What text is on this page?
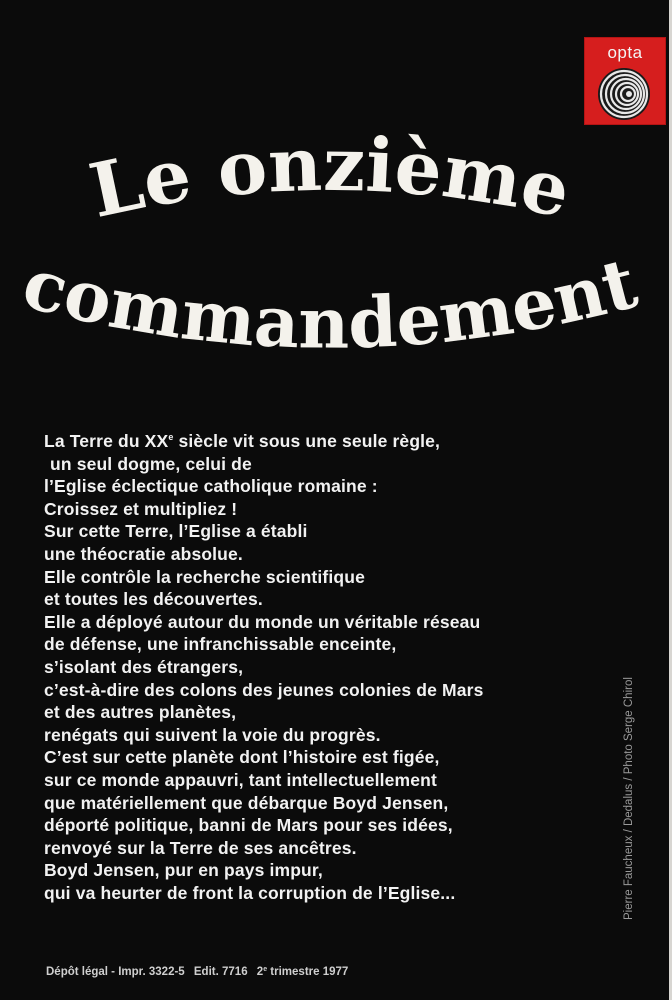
opta
Le onzième
commandement
La Terre du XXe siècle vit sous une seule règle,
un seul dogme, celui de
l’Eglise éclectique catholique romaine :
Croissez et multipliez !
Sur cette Terre, l’Eglise a établi
une théocratie absolue.
Elle contrôle la recherche scientifique
et toutes les découvertes.
Elle a déployé autour du monde un véritable réseau
de défense, une infranchissable enceinte,
s’isolant des étrangers,
c’est-à-dire des colons des jeunes colonies de Mars
et des autres planètes,
renégats qui suivent la voie du progrès.
C’est sur cette planète dont l’histoire est figée,
sur ce monde appauvri, tant intellectuellement
que matériellement que débarque Boyd Jensen,
déporté politique, banni de Mars pour ses idées,
renvoyé sur la Terre de ses ancêtres.
Boyd Jensen, pur en pays impur,
qui va heurter de front la corruption de l’Eglise...	Pierre Faucheux / Dedalus / Photo Serge Chirol
Dépôt légal - Impr. 3322-5 Edit. 7716 2e trimestre 1977
